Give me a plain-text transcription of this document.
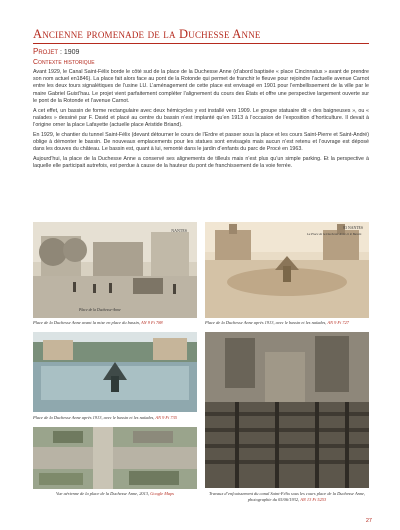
Ancienne promenade de la Duchesse Anne
Projet : 1909
Contexte historique

Avant 1929, le Canal Saint-Félix borde le côté sud de la place de la Duchesse Anne (d’abord baptisée « place Cincinnatus » avant de prendre son nom actuel en1846). La place fait alors face au pont de la Rotonde qui permet de franchir le fleuve pour rejoindre l’actuelle avenue Carnot entre les deux tours signalétiques de l’usine LU. L’aménagement de cette place est envisagé en 1901 pour l’embellissement de la ville par le maire Gabriel Guist’hau. Le projet vient parfaitement compléter l’alignement du cours des États et offre une perspective largement ouverte sur le pont de la Rotonde et l’avenue Carnot.

A cet effet, un bassin de forme rectangulaire avec deux hémicycles y est installé vers 1909. Le groupe statuaire dit « des baigneuses », ou « naïades » dessiné par F. David et placé au centre du bassin n’est implanté qu’en 1913 à l’occasion de l’exposition d’horticulture. Il devait à l’origine orner la place Lafayette (actuelle place Aristide Briand).

En 1929, le chantier du tunnel Saint-Félix (devant détourner le cours de l’Erdre et passer sous la place et les cours Saint-Pierre et Saint-André) oblige à démonter le bassin. De nouveaux emplacements pour les statues sont envisagés mais aucun n’est retenu et l’ouvrage est déposé dans les douves du château. Le bassin est, quant à lui, remonté dans le jardin d’enfants du parc de Procé en 1963.

Aujourd’hui, la place de la Duchesse Anne a conservé ses alignements de tilleuls mais n’est plus qu’un simple parking. Et la perspective à laquelle elle participait autrefois, est perdue à cause de la hauteur du pont de franchissement de la voie ferrée.

NANTES
Place de la Duchesse-Anne
Place de la Duchesse Anne avant la mise en place du bassin, AN 9 Fi 788
83 NANTES
La Place de la Duchesse Anne et le Bassin
Place de la Duchesse Anne après 1913, avec le bassin et les naïades, AN 9 Fi 727
Place de la Duchesse Anne après 1913, avec le bassin et les naïades, AN 9 Fi 735
Vue aérienne de la place de la Duchesse Anne, 2013, Google Maps	Travaux d’enfouissement du canal Saint-Félix sous les cours place de la Duchesse Anne, photographie du 05/06/1932, AN 13 Fi 5253
27
